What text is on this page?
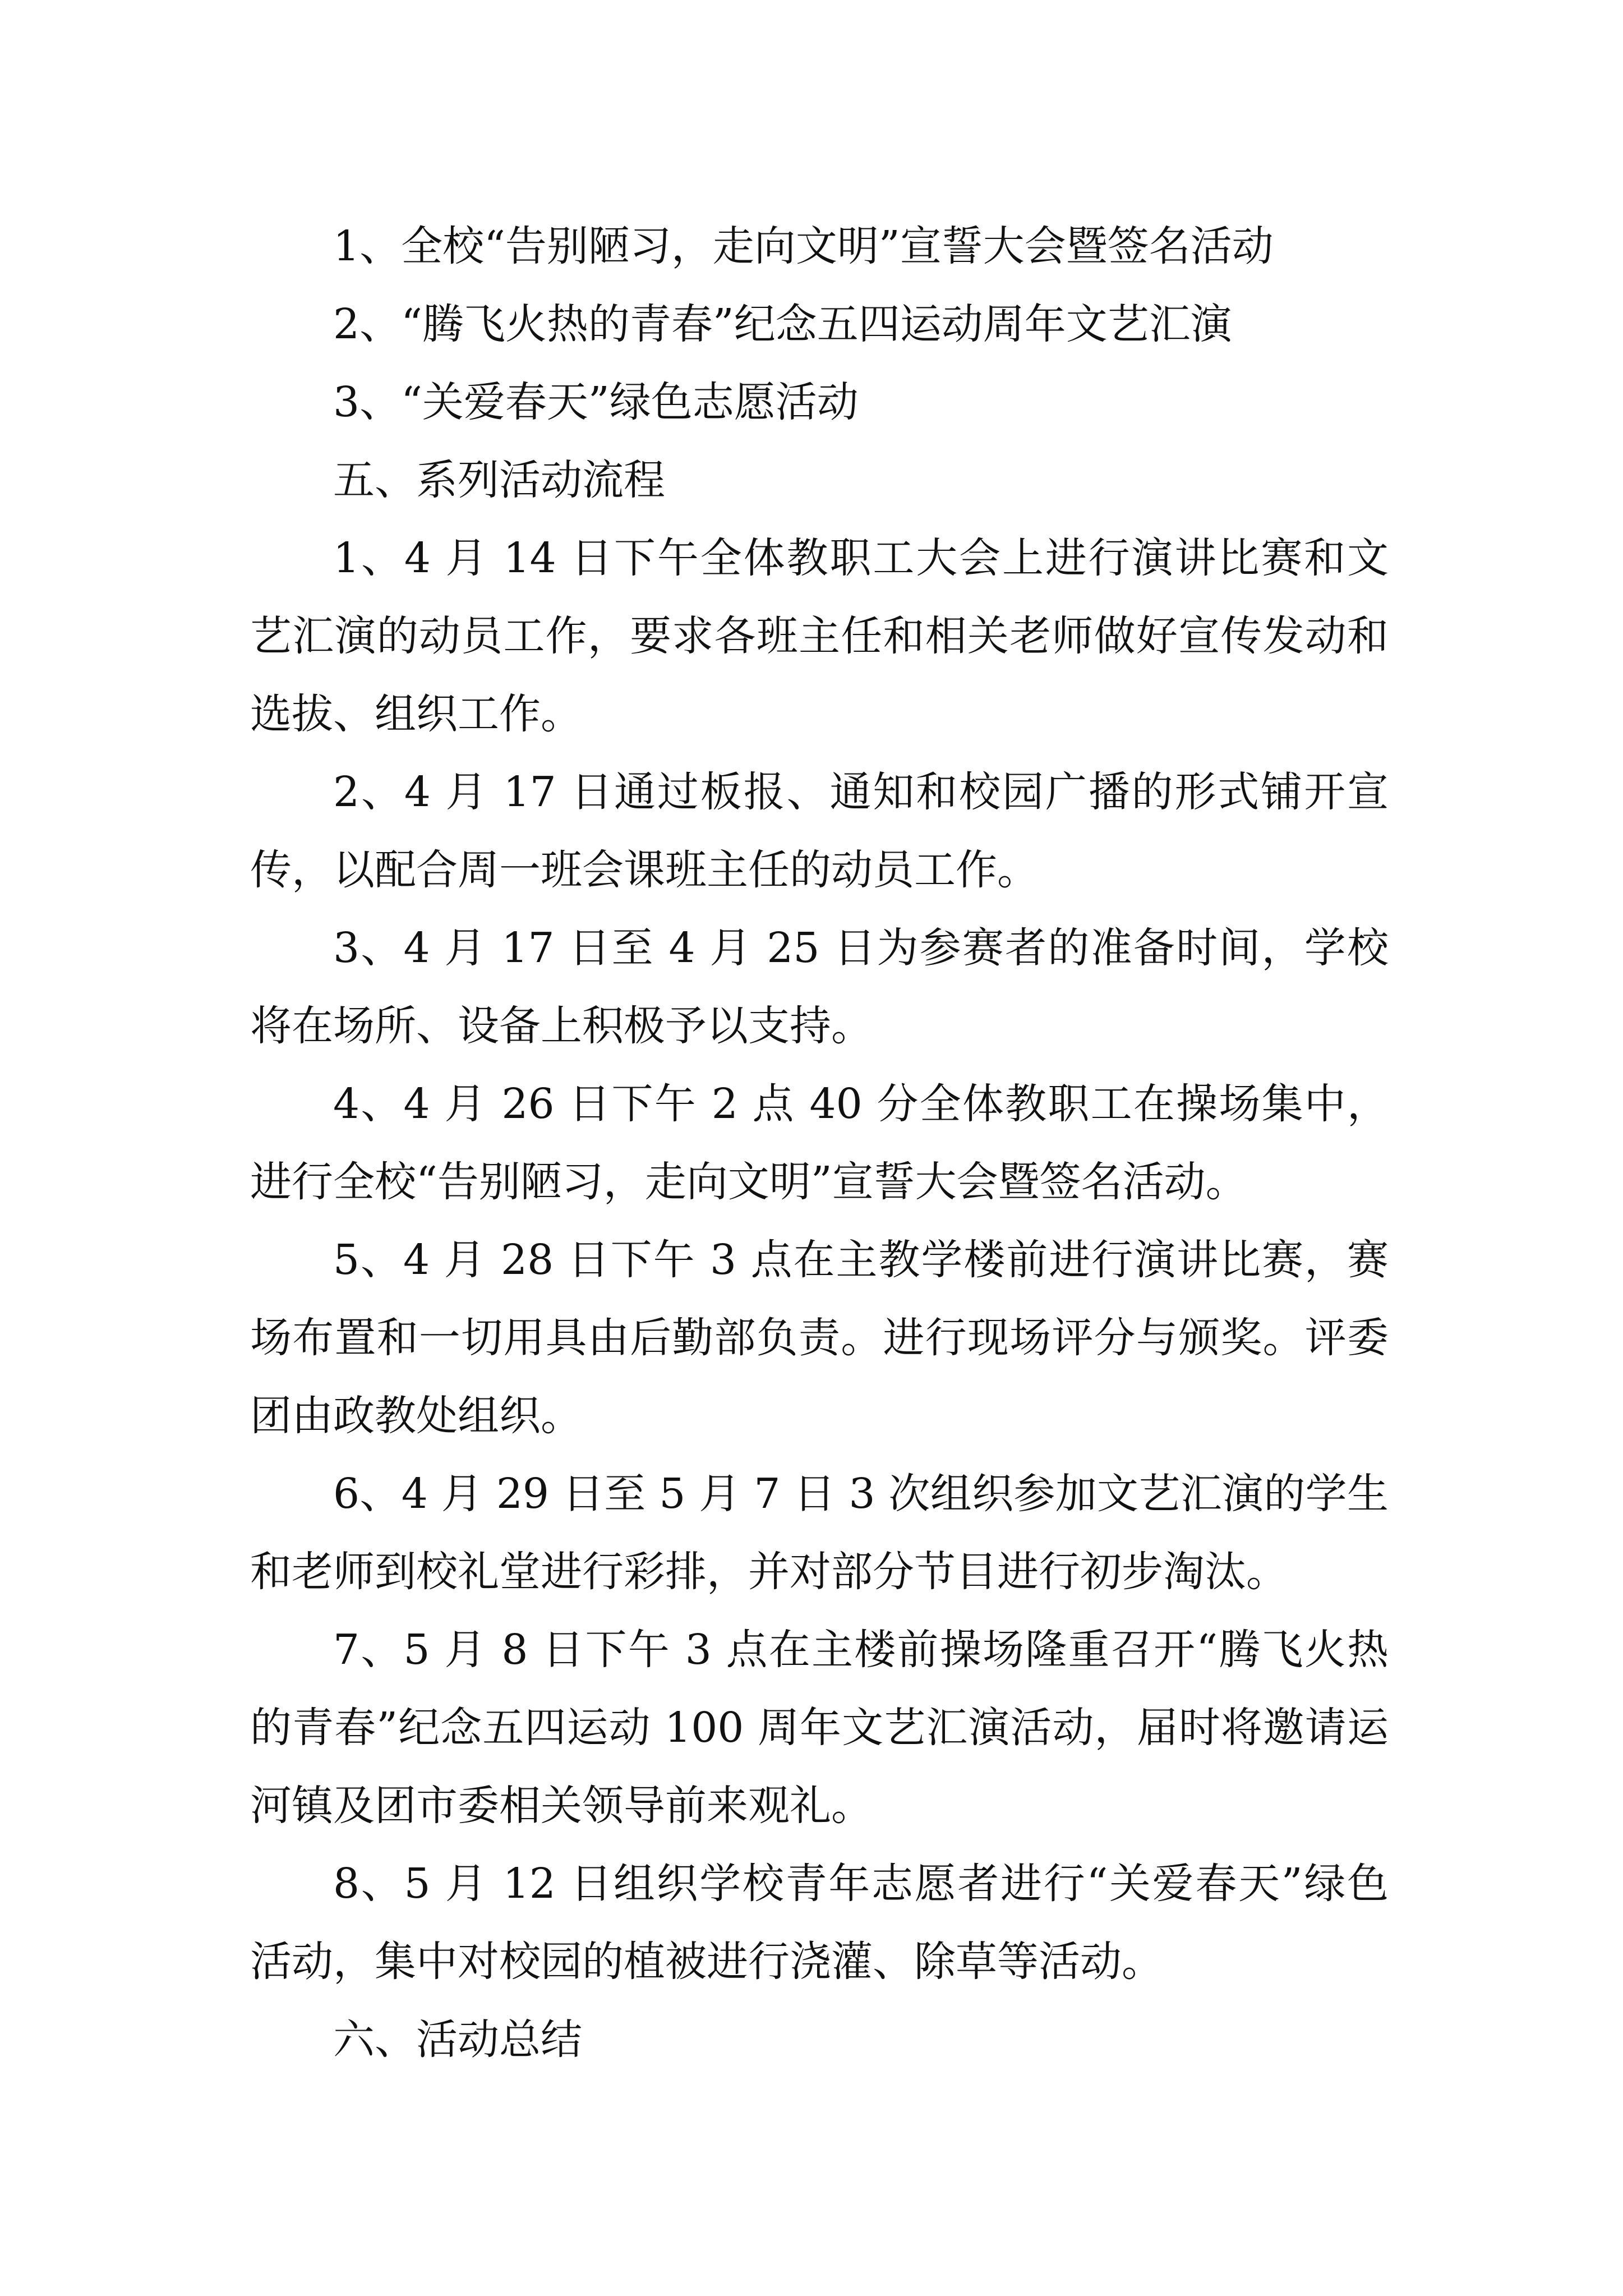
1、全校“告别陋习，走向文明”宣誓大会暨签名活动

2、“腾飞火热的青春”纪念五四运动周年文艺汇演

3、“关爱春天”绿色志愿活动

五、系列活动流程

1、4 月 14 日下午全体教职工大会上进行演讲比赛和文艺汇演的动员工作，要求各班主任和相关老师做好宣传发动和选拔、组织工作。

2、4 月 17 日通过板报、通知和校园广播的形式铺开宣传，以配合周一班会课班主任的动员工作。

3、4 月 17 日至 4 月 25 日为参赛者的准备时间，学校将在场所、设备上积极予以支持。

4、4 月 26 日下午 2 点 40 分全体教职工在操场集中，进行全校“告别陋习，走向文明”宣誓大会暨签名活动。

5、4 月 28 日下午 3 点在主教学楼前进行演讲比赛，赛场布置和一切用具由后勤部负责。进行现场评分与颁奖。评委团由政教处组织。

6、4 月 29 日至 5 月 7 日 3 次组织参加文艺汇演的学生和老师到校礼堂进行彩排，并对部分节目进行初步淘汰。

7、5 月 8 日下午 3 点在主楼前操场隆重召开“腾飞火热的青春”纪念五四运动 100 周年文艺汇演活动，届时将邀请运河镇及团市委相关领导前来观礼。

8、5 月 12 日组织学校青年志愿者进行“关爱春天”绿色活动，集中对校园的植被进行浇灌、除草等活动。

六、活动总结
